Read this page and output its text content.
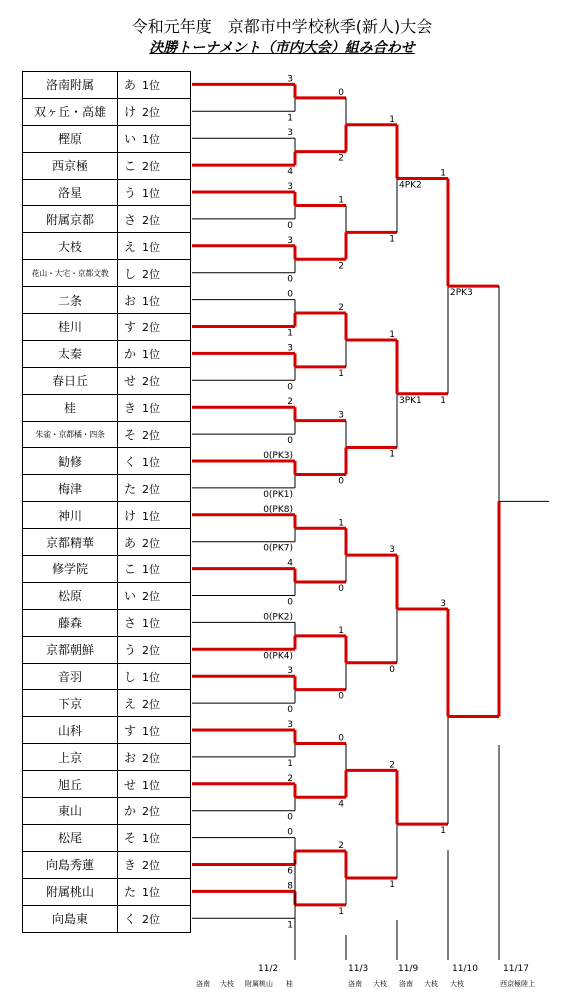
令和元年度　京都市中学校秋季(新人)大会
決勝トーナメント（市内大会）組み合わせ
洛南附属	あ 1位
双ヶ丘・高雄	け 2位
樫原	い 1位
西京極	こ 2位
洛星	う 1位
附属京都	さ 2位
大枝	え 1位
花山・大宅・京都文教	し 2位
二条	お 1位
桂川	す 2位
太秦	か 1位
春日丘	せ 2位
桂	き 1位
朱雀・京都橘・四条	そ 2位
勧修	く 1位
梅津	た 2位
神川	け 1位
京都精華	あ 2位
修学院	こ 1位
松原	い 2位
藤森	さ 1位
京都朝鮮	う 2位
音羽	し 1位
下京	え 2位
山科	す 1位
上京	お 2位
旭丘	せ 1位
東山	か 2位
松尾	そ 1位
向島秀蓮	き 2位
附属桃山	た 1位
向島東	く 2位
3
1
3
4
3
0
3
0
0
1
3
0
2
0
0(PK3)
0(PK1)
0(PK8)
0(PK7)
4
0
0(PK2)
0(PK4)
3
0
3
1
2
0
0
6
8
1
0
2
1
2
2
1
3
0
1
0
1
0
0
4
2
1
1
1
4PK2
1
1
3PK1
3
0
2
1
1
1
2PK3
3
1
11/2	11/3	11/9	11/10	11/17
洛南 大枝 附属桃山 桂	洛南 大枝 洛南 大枝 大枝	西京極陸上
